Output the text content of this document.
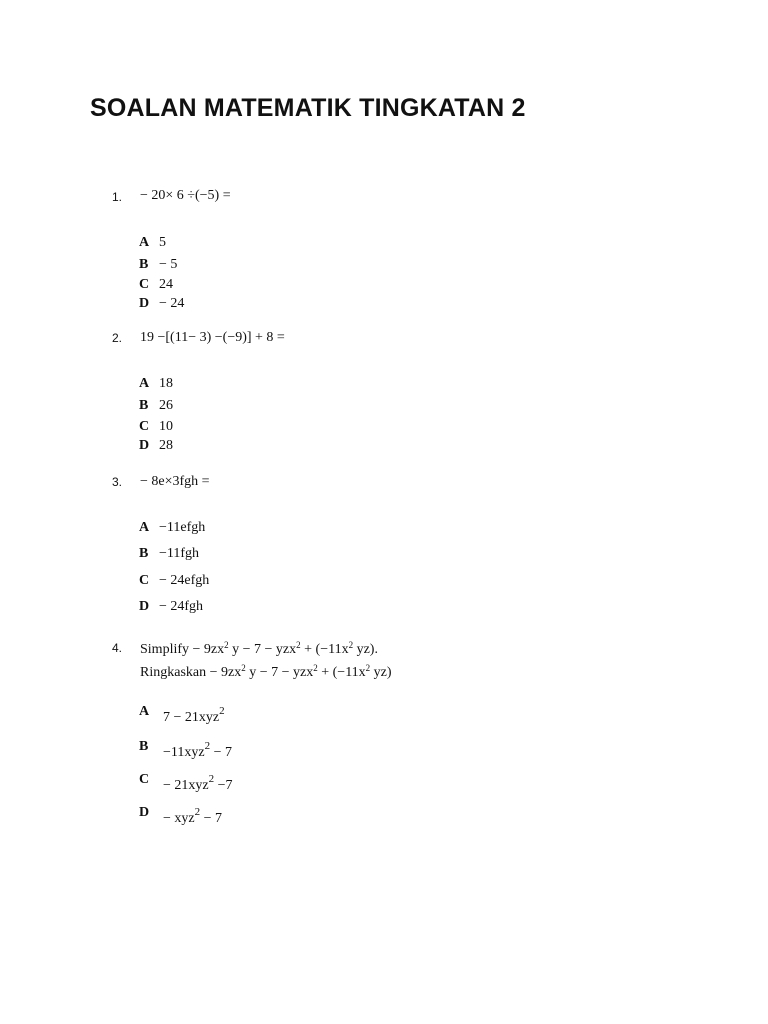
SOALAN MATEMATIK TINGKATAN 2
1. − 20× 6 ÷(−5) =
A 5
B − 5
C 24
D − 24
2. 19 −[(11− 3) −(−9)] + 8 =
A 18
B 26
C 10
D 28
3. − 8e×3fgh =
A −11efgh
B −11fgh
C − 24efgh
D − 24fgh
4. Simplify − $9zx^2$ $y - 7 - yzx^2 + (-11x^2$ yz).
Ringkaskan − $9zx^2$ $y - 7 - yzx^2 + (-11x^2$ yz)
A 7 − 21xyz$^2$
B	−11xyz$^2$ − 7
C − 21xyz$^2$ −7
D − xyz$^2$ − 7
